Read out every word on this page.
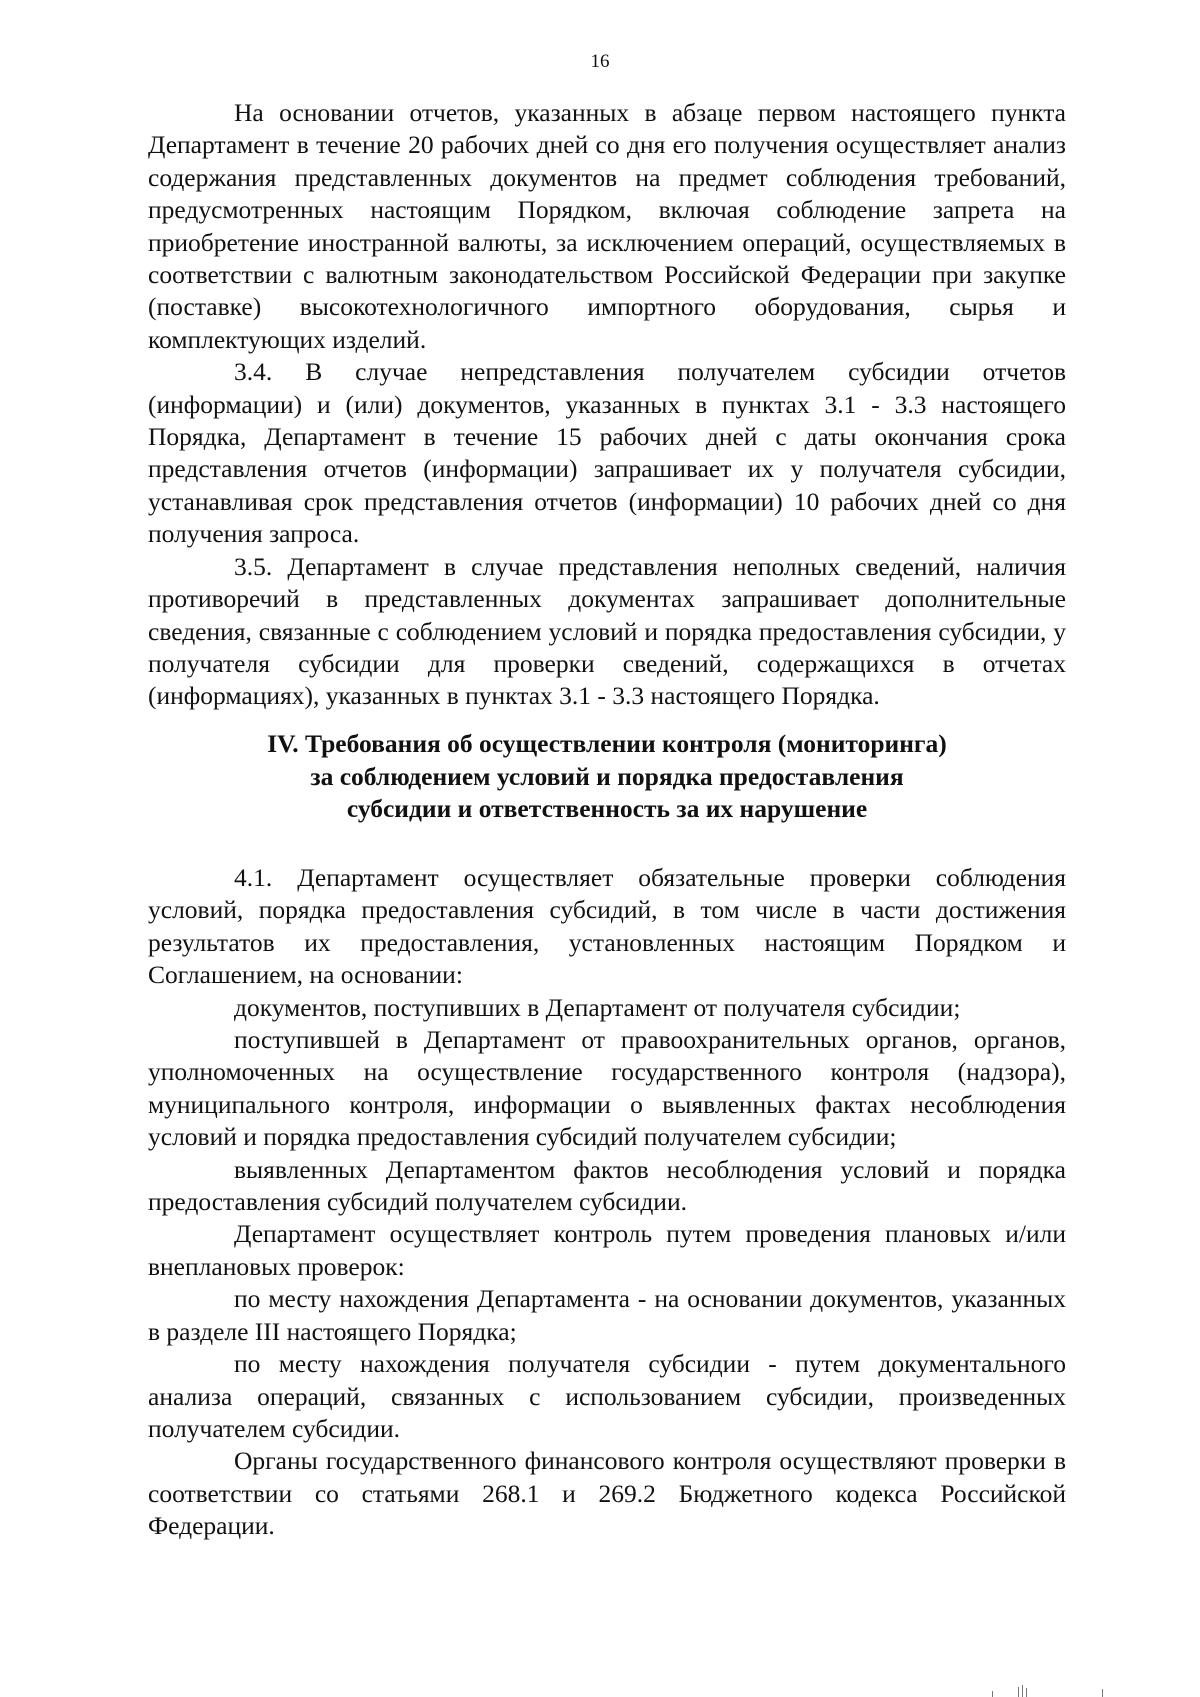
16

На основании отчетов, указанных в абзаце первом настоящего пункта Департамент в течение 20 рабочих дней со дня его получения осуществляет анализ содержания представленных документов на предмет соблюдения требований, предусмотренных настоящим Порядком, включая соблюдение запрета на приобретение иностранной валюты, за исключением операций, осуществляемых в соответствии с валютным законодательством Российской Федерации при закупке (поставке) высокотехнологичного импортного оборудования, сырья и комплектующих изделий.

3.4. В случае непредставления получателем субсидии отчетов (информации) и (или) документов, указанных в пунктах 3.1 - 3.3 настоящего Порядка, Департамент в течение 15 рабочих дней с даты окончания срока представления отчетов (информации) запрашивает их у получателя субсидии, устанавливая срок представления отчетов (информации) 10 рабочих дней со дня получения запроса.

3.5. Департамент в случае представления неполных сведений, наличия противоречий в представленных документах запрашивает дополнительные сведения, связанные с соблюдением условий и порядка предоставления субсидии, у получателя субсидии для проверки сведений, содержащихся в отчетах (информациях), указанных в пунктах 3.1 - 3.3 настоящего Порядка.

IV. Требования об осуществлении контроля (мониторинга)
за соблюдением условий и порядка предоставления
субсидии и ответственность за их нарушение

4.1. Департамент осуществляет обязательные проверки соблюдения условий, порядка предоставления субсидий, в том числе в части достижения результатов их предоставления, установленных настоящим Порядком и Соглашением, на основании:

документов, поступивших в Департамент от получателя субсидии;

поступившей в Департамент от правоохранительных органов, органов, уполномоченных на осуществление государственного контроля (надзора), муниципального контроля, информации о выявленных фактах несоблюдения условий и порядка предоставления субсидий получателем субсидии;

выявленных Департаментом фактов несоблюдения условий и порядка предоставления субсидий получателем субсидии.

Департамент осуществляет контроль путем проведения плановых и/или внеплановых проверок:

по месту нахождения Департамента - на основании документов, указанных в разделе III настоящего Порядка;

по месту нахождения получателя субсидии - путем документального анализа операций, связанных с использованием субсидии, произведенных получателем субсидии.

Органы государственного финансового контроля осуществляют проверки в соответствии со статьями 268.1 и 269.2 Бюджетного кодекса Российской Федерации.
